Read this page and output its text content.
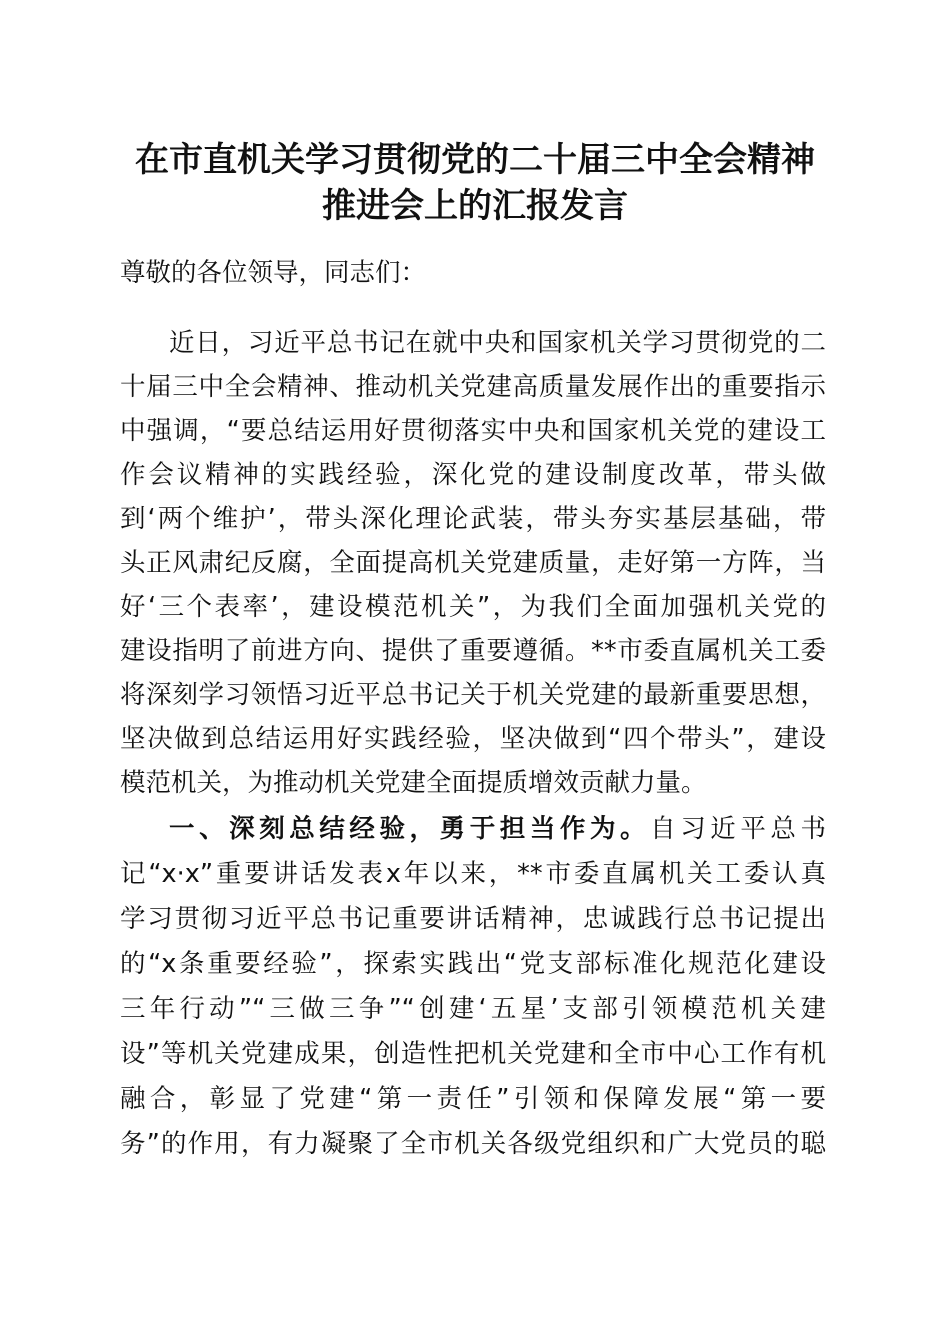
在市直机关学习贯彻党的二十届三中全会精神
推进会上的汇报发言
尊敬的各位领导，同志们：
近日，习近平总书记在就中央和国家机关学习贯彻党的二
十届三中全会精神、推动机关党建高质量发展作出的重要指示
中强调，“要总结运用好贯彻落实中央和国家机关党的建设工
作会议精神的实践经验，深化党的建设制度改革，带头做
到‘两个维护’，带头深化理论武装，带头夯实基层基础，带
头正风肃纪反腐，全面提高机关党建质量，走好第一方阵，当
好‘三个表率’，建设模范机关”，为我们全面加强机关党的
建设指明了前进方向、提供了重要遵循。**市委直属机关工委
将深刻学习领悟习近平总书记关于机关党建的最新重要思想，
坚决做到总结运用好实践经验，坚决做到“四个带头”，建设
模范机关，为推动机关党建全面提质增效贡献力量。
一、深刻总结经验，勇于担当作为。自习近平总书
记“x·x”重要讲话发表x年以来，**市委直属机关工委认真
学习贯彻习近平总书记重要讲话精神，忠诚践行总书记提出
的“x条重要经验”，探索实践出“党支部标准化规范化建设
三年行动”“三做三争”“创建‘五星’支部引领模范机关建
设”等机关党建成果，创造性把机关党建和全市中心工作有机
融合，彰显了党建“第一责任”引领和保障发展“第一要
务”的作用，有力凝聚了全市机关各级党组织和广大党员的聪
